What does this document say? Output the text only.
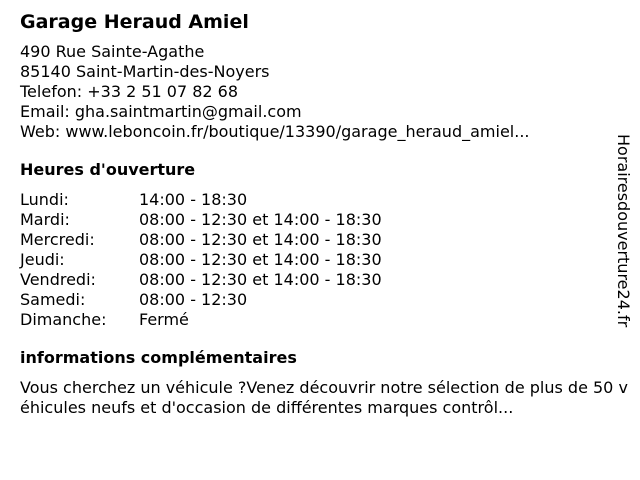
Garage Heraud Amiel
490 Rue Sainte-Agathe
85140 Saint-Martin-des-Noyers
Telefon: +33 2 51 07 82 68
Email: gha.saintmartin@gmail.com
Web: www.leboncoin.fr/boutique/13390/garage_heraud_amiel...
Heures d'ouverture
Lundi:	14:00 - 18:30
Mardi:	08:00 - 12:30 et 14:00 - 18:30
Mercredi:	08:00 - 12:30 et 14:00 - 18:30
Jeudi:	08:00 - 12:30 et 14:00 - 18:30
Vendredi:	08:00 - 12:30 et 14:00 - 18:30
Samedi:	08:00 - 12:30
Dimanche:	Fermé
informations complémentaires

Vous cherchez un véhicule ?Venez découvrir notre sélection de plus de 50 véhicules neufs et d'occasion de différentes marques contrôl...

Horairesdouverture24.fr
